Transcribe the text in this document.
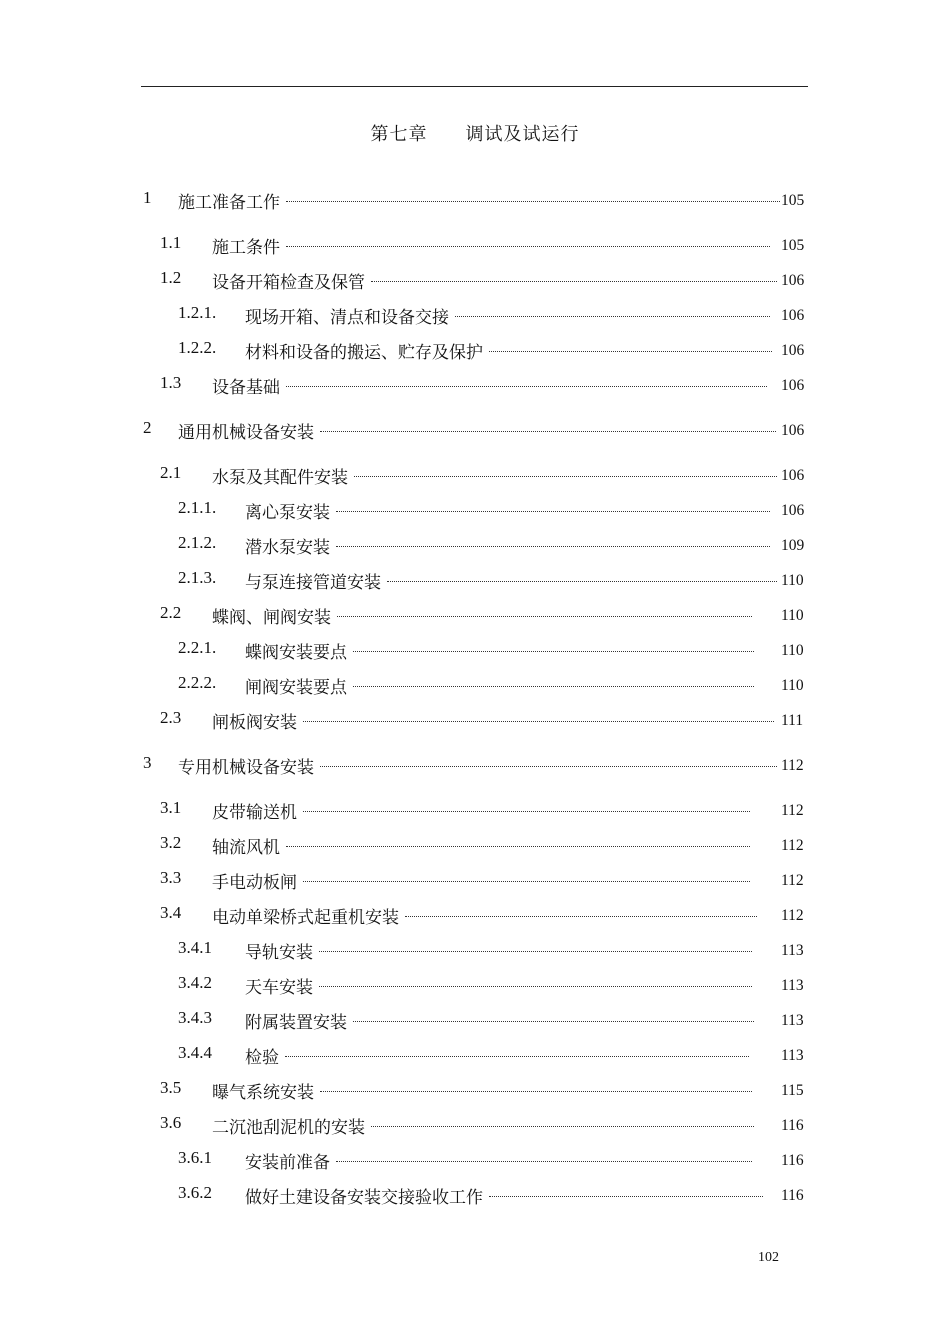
第七章　　调试及试运行
1 施工准备工作	105
1.1 施工条件	105
1.2 设备开箱检查及保管	106
1.2.1. 现场开箱、清点和设备交接	106
1.2.2. 材料和设备的搬运、贮存及保护	106
1.3 设备基础	106
2 通用机械设备安装	106
2.1 水泵及其配件安装	106
2.1.1. 离心泵安装	106
2.1.2. 潜水泵安装	109
2.1.3. 与泵连接管道安装	110
2.2 蝶阀、闸阀安装	110
2.2.1. 蝶阀安装要点	110
2.2.2. 闸阀安装要点	110
2.3 闸板阀安装	111
3 专用机械设备安装	112
3.1 皮带输送机	112
3.2 轴流风机	112
3.3 手电动板闸	112
3.4 电动单梁桥式起重机安装	112
3.4.1 导轨安装	113
3.4.2 天车安装	113
3.4.3 附属装置安装	113
3.4.4 检验	113
3.5 曝气系统安装	115
3.6 二沉池刮泥机的安装	116
3.6.1 安装前准备	116
3.6.2 做好土建设备安装交接验收工作	116
102
